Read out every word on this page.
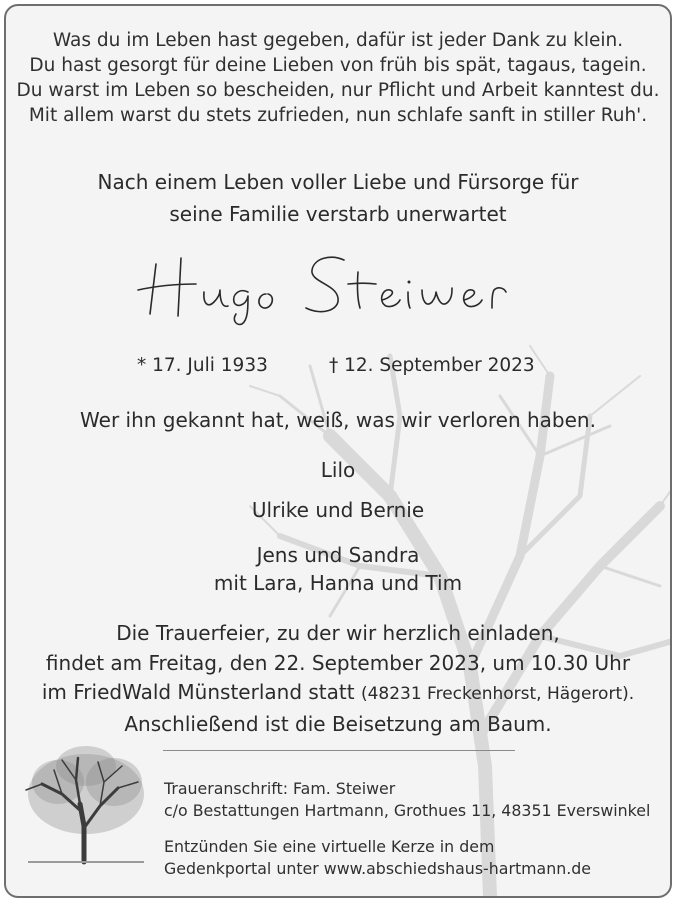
Was du im Leben hast gegeben, dafür ist jeder Dank zu klein.
Du hast gesorgt für deine Lieben von früh bis spät, tagaus, tagein.
Du warst im Leben so bescheiden, nur Pflicht und Arbeit kanntest du.
Mit allem warst du stets zufrieden, nun schlafe sanft in stiller Ruh'.
Nach einem Leben voller Liebe und Fürsorge für
seine Familie verstarb unerwartet
* 17. Juli 1933	† 12. September 2023
Wer ihn gekannt hat, weiß, was wir verloren haben.
Lilo
Ulrike und Bernie
Jens und Sandra
mit Lara, Hanna und Tim
Die Trauerfeier, zu der wir herzlich einladen,
findet am Freitag, den 22. September 2023, um 10.30 Uhr
im FriedWald Münsterland statt (48231 Freckenhorst, Hägerort).
Anschließend ist die Beisetzung am Baum.
Traueranschrift: Fam. Steiwer
c/o Bestattungen Hartmann, Grothues 11, 48351 Everswinkel
Entzünden Sie eine virtuelle Kerze in dem
Gedenkportal unter www.abschiedshaus-hartmann.de
